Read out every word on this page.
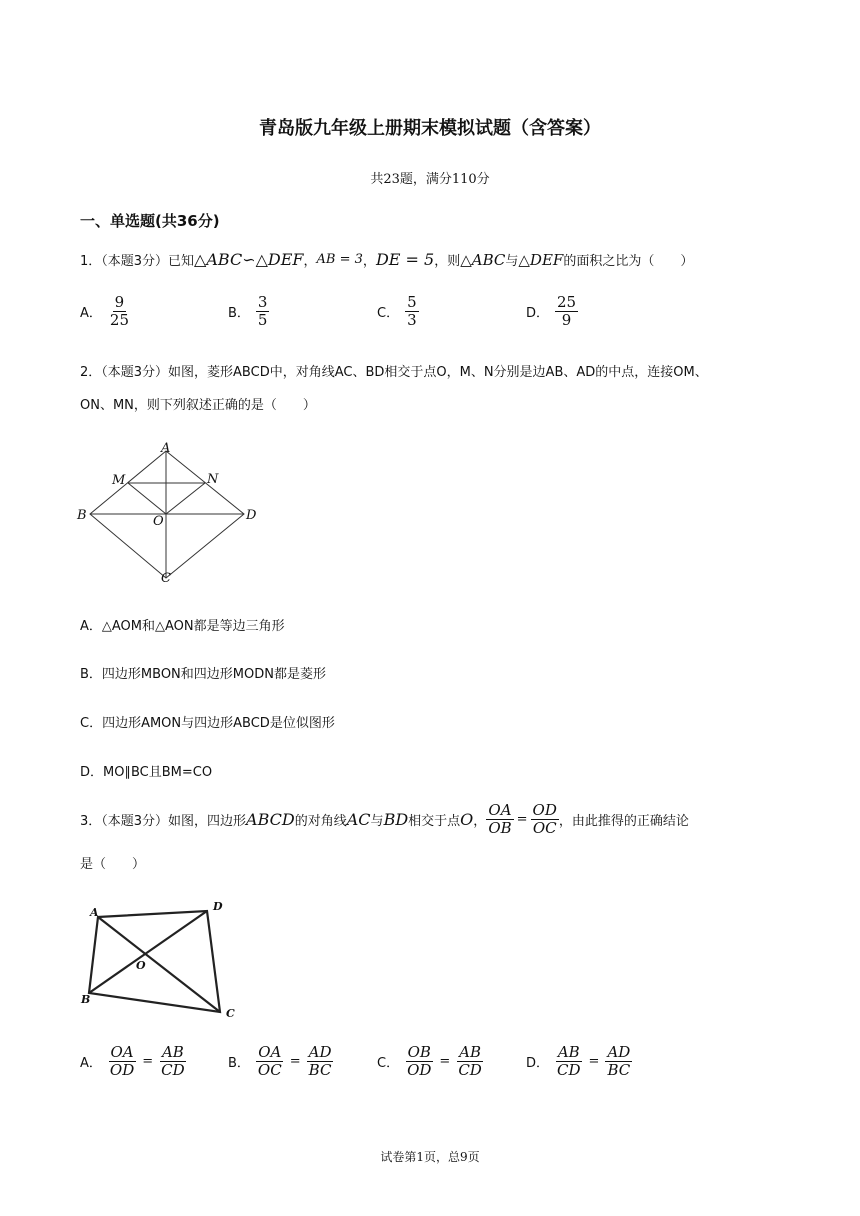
青岛版九年级上册期末模拟试题（含答案）
共23题，满分110分
一、单选题(共36分)
1．（本题3分）已知 △ABC∽△DEF ， AB = 3 ， DE = 5 ，则 △ABC 与 △DEF 的面积之比为（　　）
A． $\frac{9}{25}$	B． $\frac{3}{5}$	C． $\frac{5}{3}$	D． $\frac{25}{9}$
2．（本题3分）如图，菱形ABCD中，对角线AC、BD相交于点O，M、N分别是边AB、AD的中点，连接OM、
ON、MN，则下列叙述正确的是（　　）
A
B
C
D
M	N
O
A．△AOM和△AON都是等边三角形
B．四边形MBON和四边形MODN都是菱形
C．四边形AMON与四边形ABCD是位似图形
D．MO∥BC且BM=CO
3．（本题3分）如图，四边形 ABCD 的对角线 AC 与 BD 相交于点 O ， $\frac{OA}{OB} = \frac{OD}{OC}$ ，由此推得的正确结论
是（　　）
A	D
B
C
O
A． $\frac{OA}{OD} = \frac{AB}{CD}$	B． $\frac{OA}{OC} = \frac{AD}{BC}$	C． $\frac{OB}{OD} = \frac{AB}{CD}$	D． $\frac{AB}{CD} = \frac{AD}{BC}$
试卷第1页，总9页
